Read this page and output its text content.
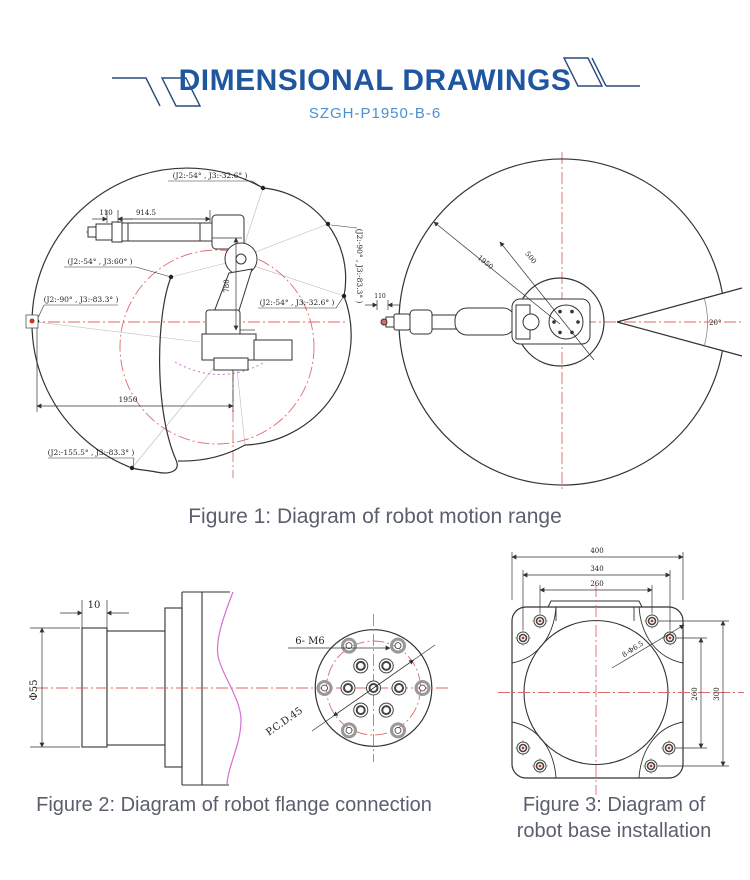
DIMENSIONAL DRAWINGS
SZGH-P1950-B-6
110	914.5
780
1950
(J2:-54° , J3:-32.6° )
(J2:-54° , J3:60° )
(J2:-90° , J3:-83.3° )	(J2:-54° , J3:-32.6° )	(J2:-90° , J3:-83.3° )
(J2:-155.5° , J3:-83.3° )
1950	500
110
20°
Figure 1: Diagram of robot motion range
10
Φ55
6- M6
P.C.D.45
400
340
260
300
260
8-Φ6.5
Figure 2: Diagram of robot flange connection	Figure 3: Diagram of
robot base installation
